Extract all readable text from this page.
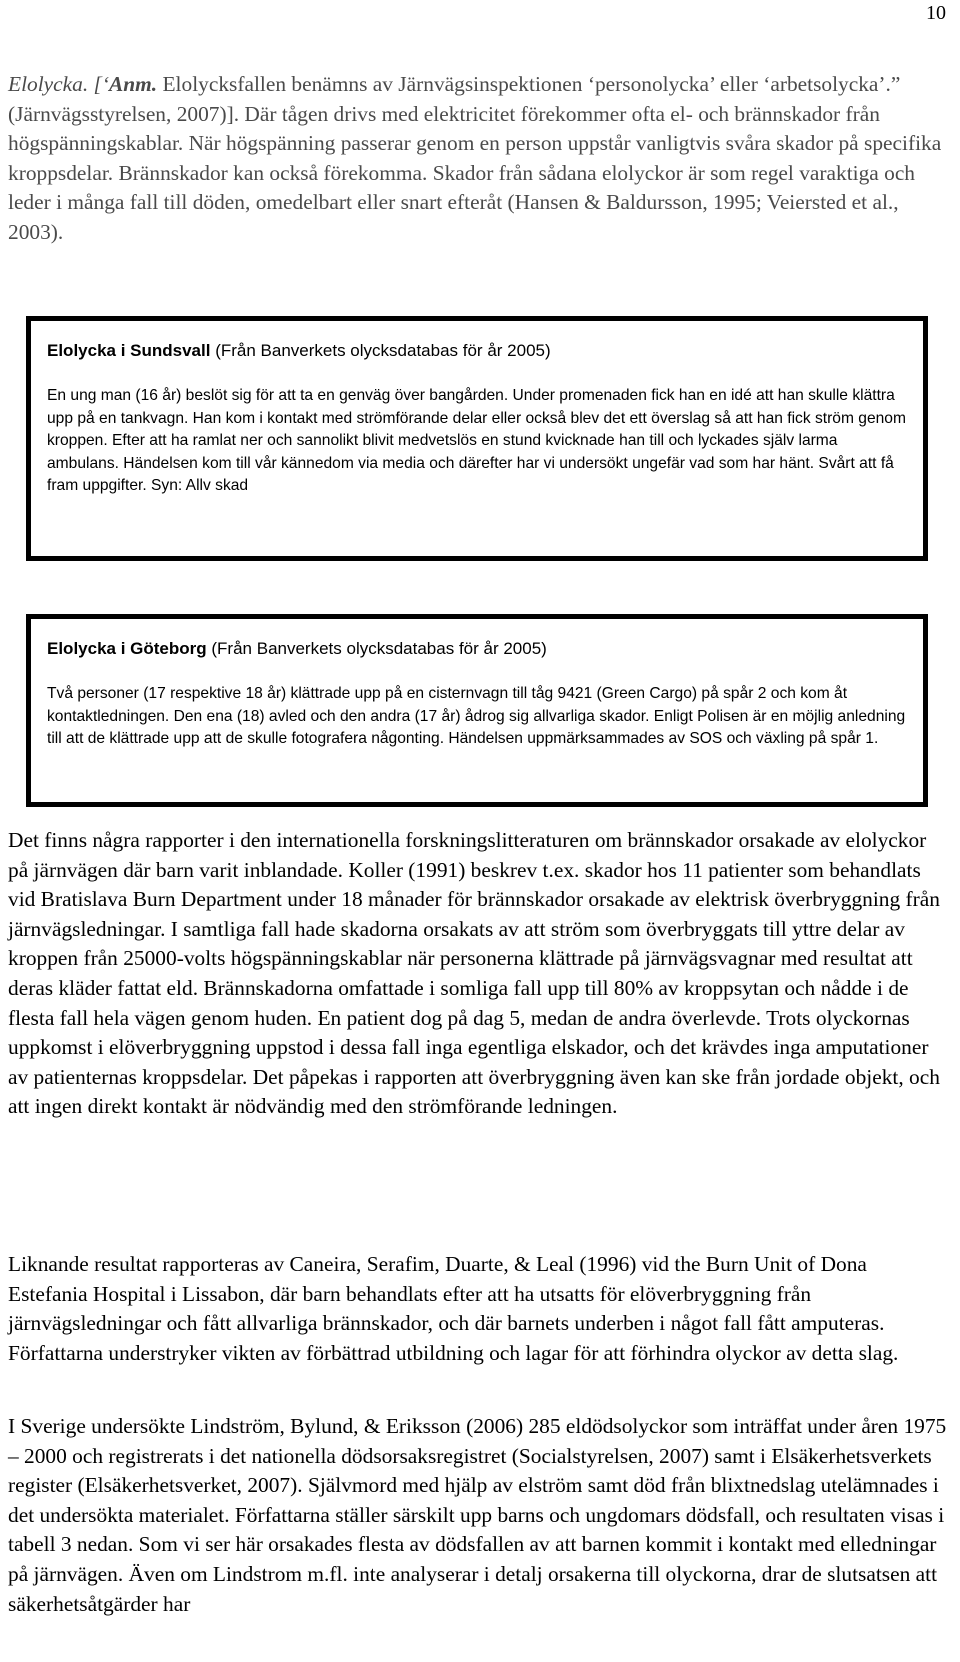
10

Elolycka. [‘Anm. Elolycksfallen benämns av Järnvägsinspektionen ‘personolycka’ eller ‘arbetsolycka’.” (Järnvägsstyrelsen, 2007)]. Där tågen drivs med elektricitet förekommer ofta el- och brännskador från högspänningskablar. När högspänning passerar genom en person uppstår vanligtvis svåra skador på specifika kroppsdelar. Brännskador kan också förekomma. Skador från sådana elolyckor är som regel varaktiga och leder i många fall till döden, omedelbart eller snart efteråt (Hansen & Baldursson, 1995; Veiersted et al., 2003).

Elolycka i Sundsvall (Från Banverkets olycksdatabas för år 2005)

En ung man (16 år) beslöt sig för att ta en genväg över bangården. Under promenaden fick han en idé att han skulle klättra upp på en tankvagn. Han kom i kontakt med strömförande delar eller också blev det ett överslag så att han fick ström genom kroppen. Efter att ha ramlat ner och sannolikt blivit medvetslös en stund kvicknade han till och lyckades själv larma ambulans. Händelsen kom till vår kännedom via media och därefter har vi undersökt ungefär vad som har hänt. Svårt att få fram uppgifter. Syn: Allv skad

Elolycka i Göteborg (Från Banverkets olycksdatabas för år 2005)

Två personer (17 respektive 18 år) klättrade upp på en cisternvagn till tåg 9421 (Green Cargo) på spår 2 och kom åt kontaktledningen. Den ena (18) avled och den andra (17 år) ådrog sig allvarliga skador. Enligt Polisen är en möjlig anledning till att de klättrade upp att de skulle fotografera någonting. Händelsen uppmärksammades av SOS och växling på spår 1.

Det finns några rapporter i den internationella forskningslitteraturen om brännskador orsakade av elolyckor på järnvägen där barn varit inblandade. Koller (1991) beskrev t.ex. skador hos 11 patienter som behandlats vid Bratislava Burn Department under 18 månader för brännskador orsakade av elektrisk överbryggning från järnvägsledningar. I samtliga fall hade skadorna orsakats av att ström som överbryggats till yttre delar av kroppen från 25000-volts högspänningskablar när personerna klättrade på järnvägsvagnar med resultat att deras kläder fattat eld. Brännskadorna omfattade i somliga fall upp till 80% av kroppsytan och nådde i de flesta fall hela vägen genom huden. En patient dog på dag 5, medan de andra överlevde. Trots olyckornas uppkomst i elöverbryggning uppstod i dessa fall inga egentliga elskador, och det krävdes inga amputationer av patienternas kroppsdelar. Det påpekas i rapporten att överbryggning även kan ske från jordade objekt, och att ingen direkt kontakt är nödvändig med den strömförande ledningen.

Liknande resultat rapporteras av Caneira, Serafim, Duarte, & Leal (1996) vid the Burn Unit of Dona Estefania Hospital i Lissabon, där barn behandlats efter att ha utsatts för elöverbryggning från järnvägsledningar och fått allvarliga brännskador, och där barnets underben i något fall fått amputeras. Författarna understryker vikten av förbättrad utbildning och lagar för att förhindra olyckor av detta slag.

I Sverige undersökte Lindström, Bylund, & Eriksson (2006) 285 eldödsolyckor som inträffat under åren 1975 – 2000 och registrerats i det nationella dödsorsaksregistret (Socialstyrelsen, 2007) samt i Elsäkerhetsverkets register (Elsäkerhetsverket, 2007). Självmord med hjälp av elström samt död från blixtnedslag utelämnades i det undersökta materialet. Författarna ställer särskilt upp barns och ungdomars dödsfall, och resultaten visas i tabell 3 nedan. Som vi ser här orsakades flesta av dödsfallen av att barnen kommit i kontakt med elledningar på järnvägen. Även om Lindstrom m.fl. inte analyserar i detalj orsakerna till olyckorna, drar de slutsatsen att säkerhetsåtgärder har
